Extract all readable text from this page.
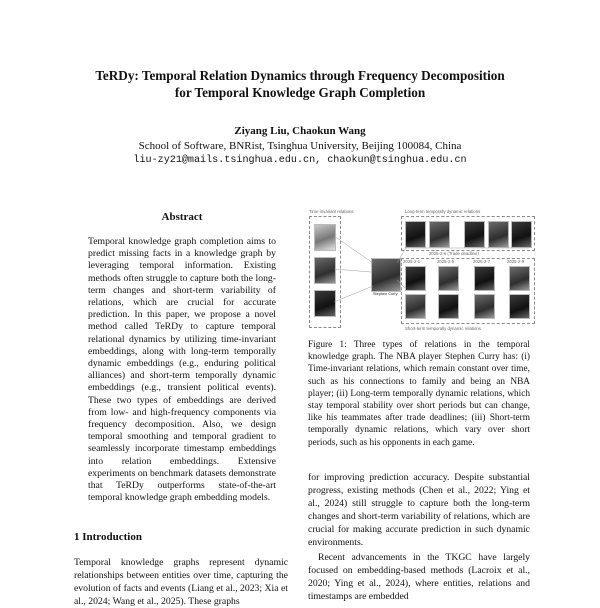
TeRDy: Temporal Relation Dynamics through Frequency Decomposition
for Temporal Knowledge Graph Completion
Ziyang Liu, Chaokun Wang
School of Software, BNRist, Tsinghua University, Beijing 100084, China
liu-zy21@mails.tsinghua.edu.cn, chaokun@tsinghua.edu.cn
Abstract
Temporal knowledge graph completion aims to predict missing facts in a knowledge graph by leveraging temporal information. Existing methods often struggle to capture both the long-term changes and short-term variability of relations, which are crucial for accurate prediction. In this paper, we propose a novel method called TeRDy to capture temporal relational dynamics by utilizing time-invariant embeddings, along with long-term temporally dynamic embeddings (e.g., enduring political alliances) and short-term temporally dynamic embeddings (e.g., transient political events). These two types of embeddings are derived from low- and high-frequency components via frequency decomposition. Also, we design temporal smoothing and temporal gradient to seamlessly incorporate timestamp embeddings into relation embeddings. Extensive experiments on benchmark datasets demonstrate that TeRDy outperforms state-of-the-art temporal knowledge graph embedding models.
1 Introduction
Temporal knowledge graphs represent dynamic relationships between entities over time, capturing the evolution of facts and events (Liang et al., 2023; Xia et al., 2024; Wang et al., 2025). These graphs
Time-invariant relations	Long-term temporally dynamic relations
Stephen Curry
2025-2-6 (Trade deadline)
2025-2-1	2025-2-5	2025-2-7	2025-2-9
Short-term temporally dynamic relations
Figure 1: Three types of relations in the temporal knowledge graph. The NBA player Stephen Curry has: (i) Time-invariant relations, which remain constant over time, such as his connections to family and being an NBA player; (ii) Long-term temporally dynamic relations, which stay temporal stability over short periods but can change, like his teammates after trade deadlines; (iii) Short-term temporally dynamic relations, which vary over short periods, such as his opponents in each game.

for improving prediction accuracy. Despite substantial progress, existing methods (Chen et al., 2022; Ying et al., 2024) still struggle to capture both the long-term changes and short-term variability of relations, which are crucial for making accurate prediction in such dynamic environments.

Recent advancements in the TKGC have largely focused on embedding-based methods (Lacroix et al., 2020; Ying et al., 2024), where entities, relations and timestamps are embedded
